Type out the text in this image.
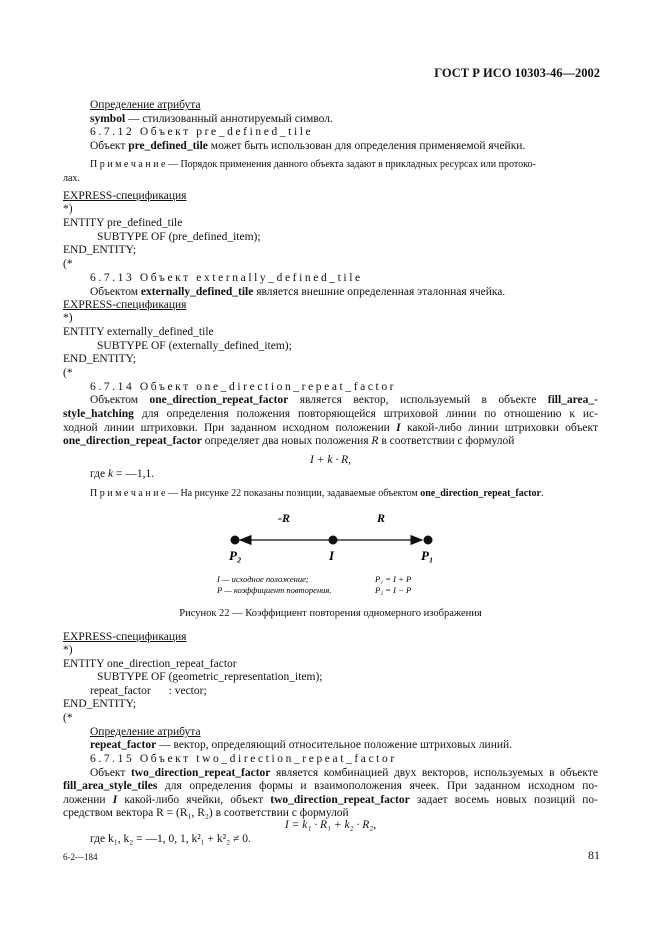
ГОСТ Р ИСО 10303-46—2002
Определение атрибута
symbol — стилизованный аннотируемый символ.
6.7.12 Объект pre_defined_tile
Объект pre_defined_tile может быть использован для определения применяемой ячейки.
П р и м е ч а н и е — Порядок применения данного объекта задают в прикладных ресурсах или протоко-
лах.
EXPRESS-спецификация
*)
ENTITY pre_defined_tile
SUBTYPE OF (pre_defined_item);
END_ENTITY;
(*
6.7.13 Объект externally_defined_tile
Объектом externally_defined_tile является внешние определенная эталонная ячейка.
EXPRESS-спецификация
*)
ENTITY externally_defined_tile
SUBTYPE OF (externally_defined_item);
END_ENTITY;
(*
6.7.14 Объект one_direction_repeat_factor
Объектом one_direction_repeat_factor является вектор, используемый в объекте fill_area_-
style_hatching для определения положения повторяющейся штриховой линии по отношению к ис-
ходной линии штриховки. При заданном исходном положении I какой-либо линии штриховки объект
one_direction_repeat_factor определяет два новых положения R в соответствии с формулой
I + k · R,
где k = —1,1.
П р и м е ч а н и е — На рисунке 22 показаны позиции, задаваемые объектом one_direction_repeat_factor.
-R	R
P₂	I	P₁
I — исходное положение;
P — коэффициент повторения.
P₁ = I + P
P₂ = I − P
Рисунок 22 — Коэффициент повторения одномерного изображения
EXPRESS-спецификация
*)
ENTITY one_direction_repeat_factor
SUBTYPE OF (geometric_representation_item);
repeat_factor : vector;
END_ENTITY;
(*
Определение атрибута
repeat_factor — вектор, определяющий относительное положение штриховых линий.
6.7.15 Объект two_direction_repeat_factor
Объект two_direction_repeat_factor является комбинацией двух векторов, используемых в объекте
fill_area_style_tiles для определения формы и взаимоположения ячеек. При заданном исходном по-
ложении I какой-либо ячейки, объект two_direction_repeat_factor задает восемь новых позиций по-
средством вектора R = (R₁, R₂) в соответствии с формулой
I = k₁ · R₁ + k₂ · R₂,
где k₁, k₂ = —1, 0, 1, k²₁ + k²₂ ≠ 0.
6-2—184	81
